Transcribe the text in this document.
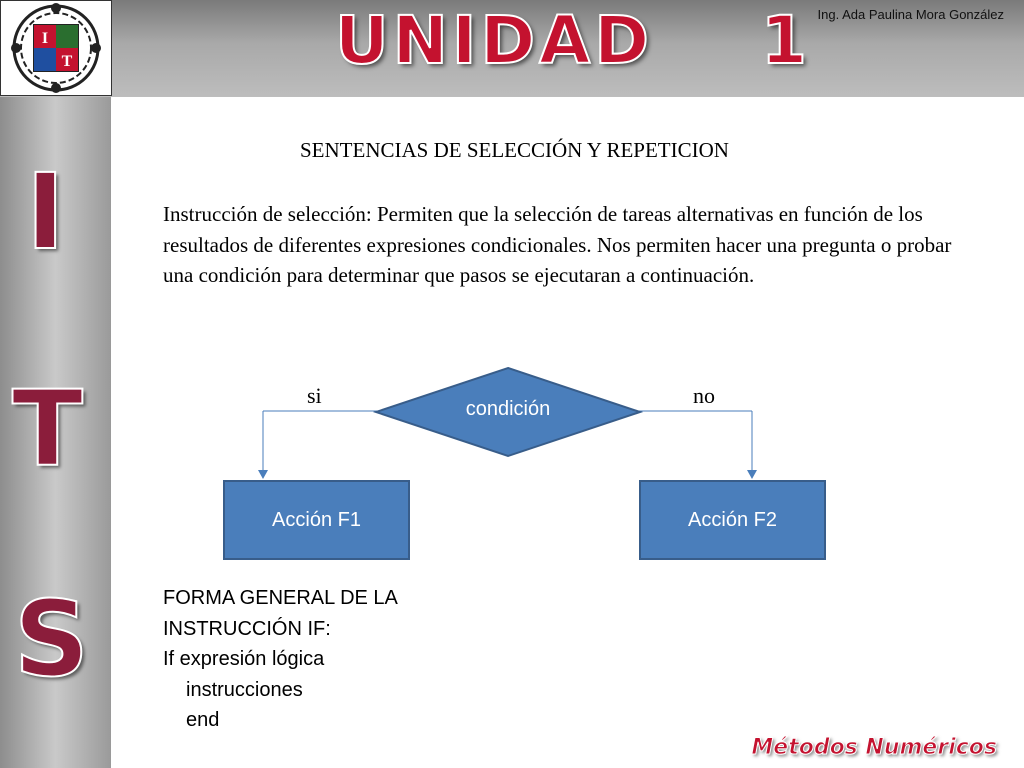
I
T	UNIDAD    1 Ing. Ada Paulina Mora González
I
T
S
SENTENCIAS DE SELECCIÓN Y REPETICION
Instrucción de selección: Permiten que la selección de tareas alternativas en función de los resultados de diferentes expresiones condicionales. Nos permiten hacer una pregunta o probar una condición para determinar que pasos se ejecutaran a continuación.
condición
si	no
Acción F1	Acción F2
FORMA GENERAL DE LA
INSTRUCCIÓN IF:
If expresión lógica
instrucciones
end
Métodos Numéricos
